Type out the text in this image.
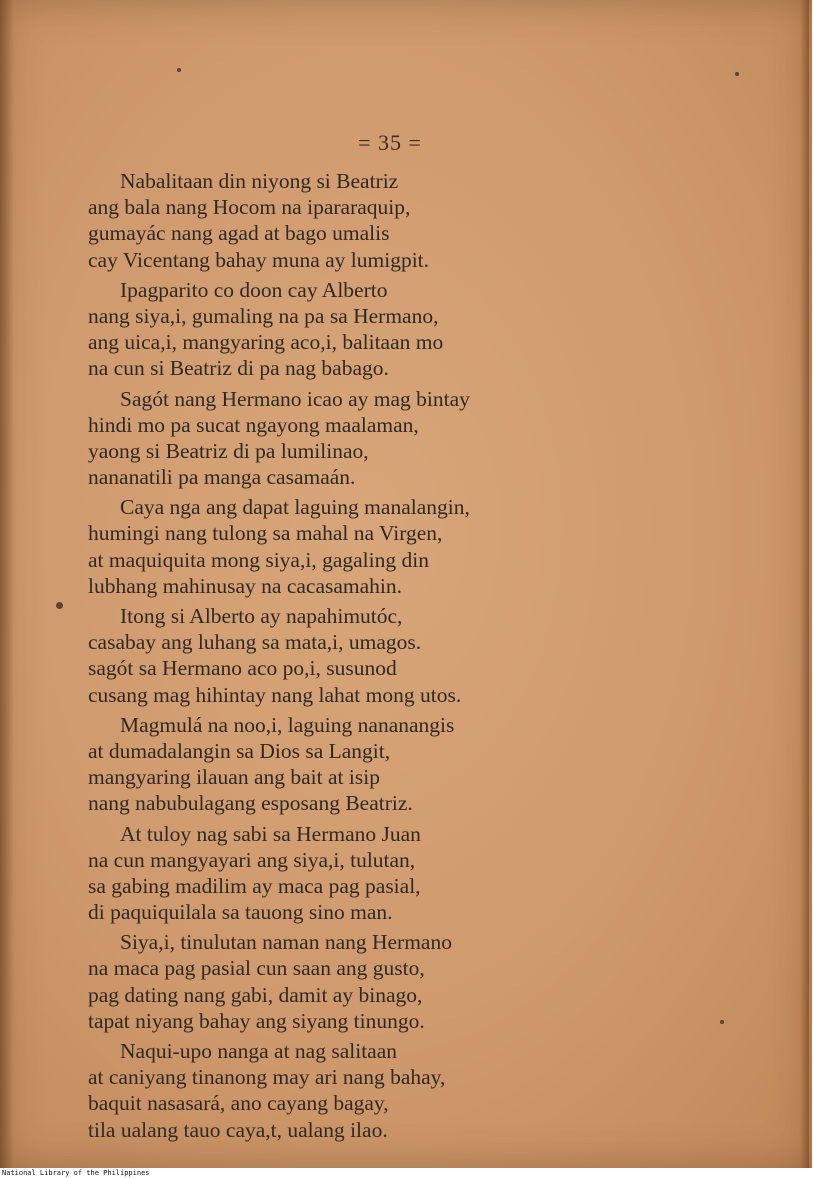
= 35 =
Nabalitaan din niyong si Beatriz
ang bala nang Hocom na ipararaquip,
gumayác nang agad at bago umalis
cay Vicentang bahay muna ay lumigpit.
Ipagparito co doon cay Alberto
nang siya,i, gumaling na pa sa Hermano,
ang uica,i, mangyaring aco,i, balitaan mo
na cun si Beatriz di pa nag babago.
Sagót nang Hermano icao ay mag bintay
hindi mo pa sucat ngayong maalaman,
yaong si Beatriz di pa lumilinao,
nananatili pa manga casamaán.
Caya nga ang dapat laguing manalangin,
humingi nang tulong sa mahal na Virgen,
at maquiquita mong siya,i, gagaling din
lubhang mahinusay na cacasamahin.
Itong si Alberto ay napahimutóc,
casabay ang luhang sa mata,i, umagos.
sagót sa Hermano aco po,i, susunod
cusang mag hihintay nang lahat mong utos.
Magmulá na noo,i, laguing nananangis
at dumadalangin sa Dios sa Langit,
mangyaring ilauan ang bait at isip
nang nabubulagang esposang Beatriz.
At tuloy nag sabi sa Hermano Juan
na cun mangyayari ang siya,i, tulutan,
sa gabing madilim ay maca pag pasial,
di paquiquilala sa tauong sino man.
Siya,i, tinulutan naman nang Hermano
na maca pag pasial cun saan ang gusto,
pag dating nang gabi, damit ay binago,
tapat niyang bahay ang siyang tinungo.
Naqui-upo nanga at nag salitaan
at caniyang tinanong may ari nang bahay,
baquit nasasará, ano cayang bagay,
tila ualang tauo caya,t, ualang ilao.
National Library of the Philippines
